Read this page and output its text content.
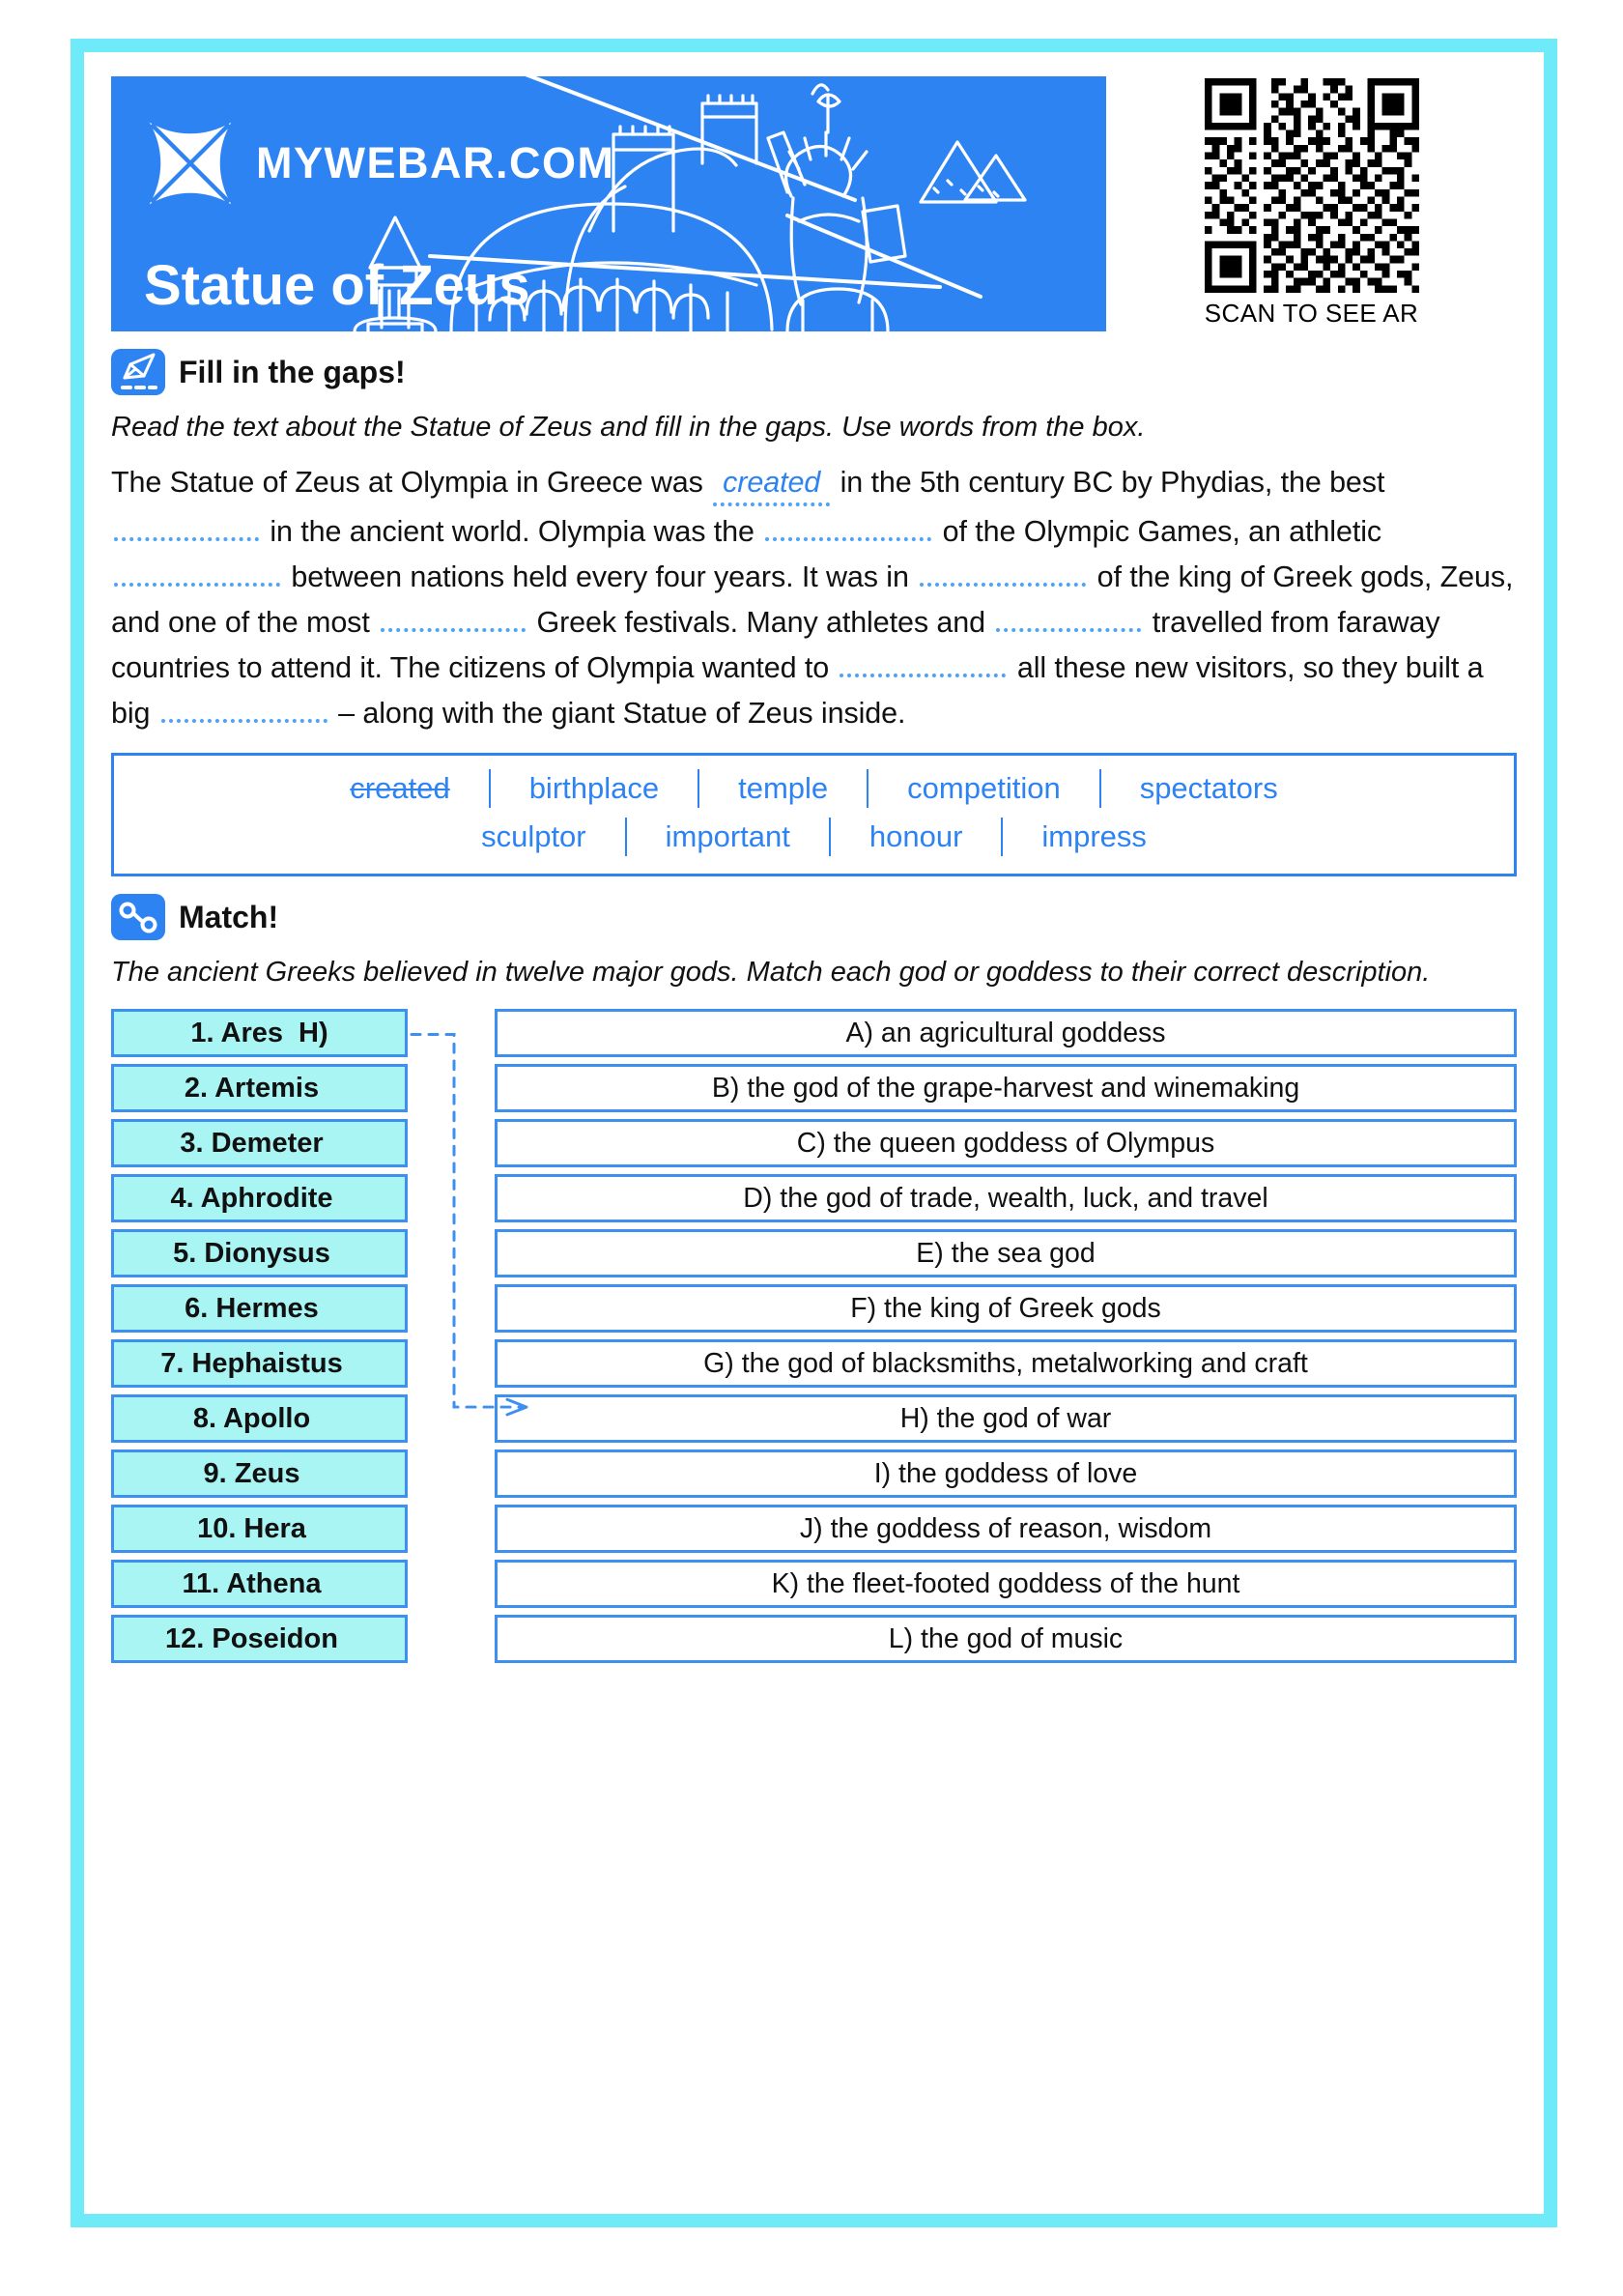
MYWEBAR.COM
Statue of Zeus	SCAN TO SEE AR
Fill in the gaps!
Read the text about the Statue of Zeus and fill in the gaps. Use words from the box.
The Statue of Zeus at Olympia in Greece was created in the 5th century BC by Phydias, the best  in the ancient world. Olympia was the	of the Olympic Games, an athletic  between nations held every four years. It was in	of the king of Greek gods, Zeus, and one of the most	Greek festivals. Many athletes and	travelled from faraway countries to attend it. The citizens of Olympia wanted to	all these new visitors, so they built a big	– along with the giant Statue of Zeus inside.
created	birthplace	temple	competition	spectators
sculptor	important	honour	impress
Match!
The ancient Greeks believed in twelve major gods. Match each god or goddess to their correct description.
1. Ares H)
2. Artemis
3. Demeter
4. Aphrodite
5. Dionysus
6. Hermes
7. Hephaistus
8. Apollo
9. Zeus
10. Hera
11. Athena
12. Poseidon
A) an agricultural goddess
B) the god of the grape-harvest and winemaking
C) the queen goddess of Olympus
D) the god of trade, wealth, luck, and travel
E) the sea god
F) the king of Greek gods
G) the god of blacksmiths, metalworking and craft
H) the god of war
I) the goddess of love
J) the goddess of reason, wisdom
K) the fleet-footed goddess of the hunt
L) the god of music
